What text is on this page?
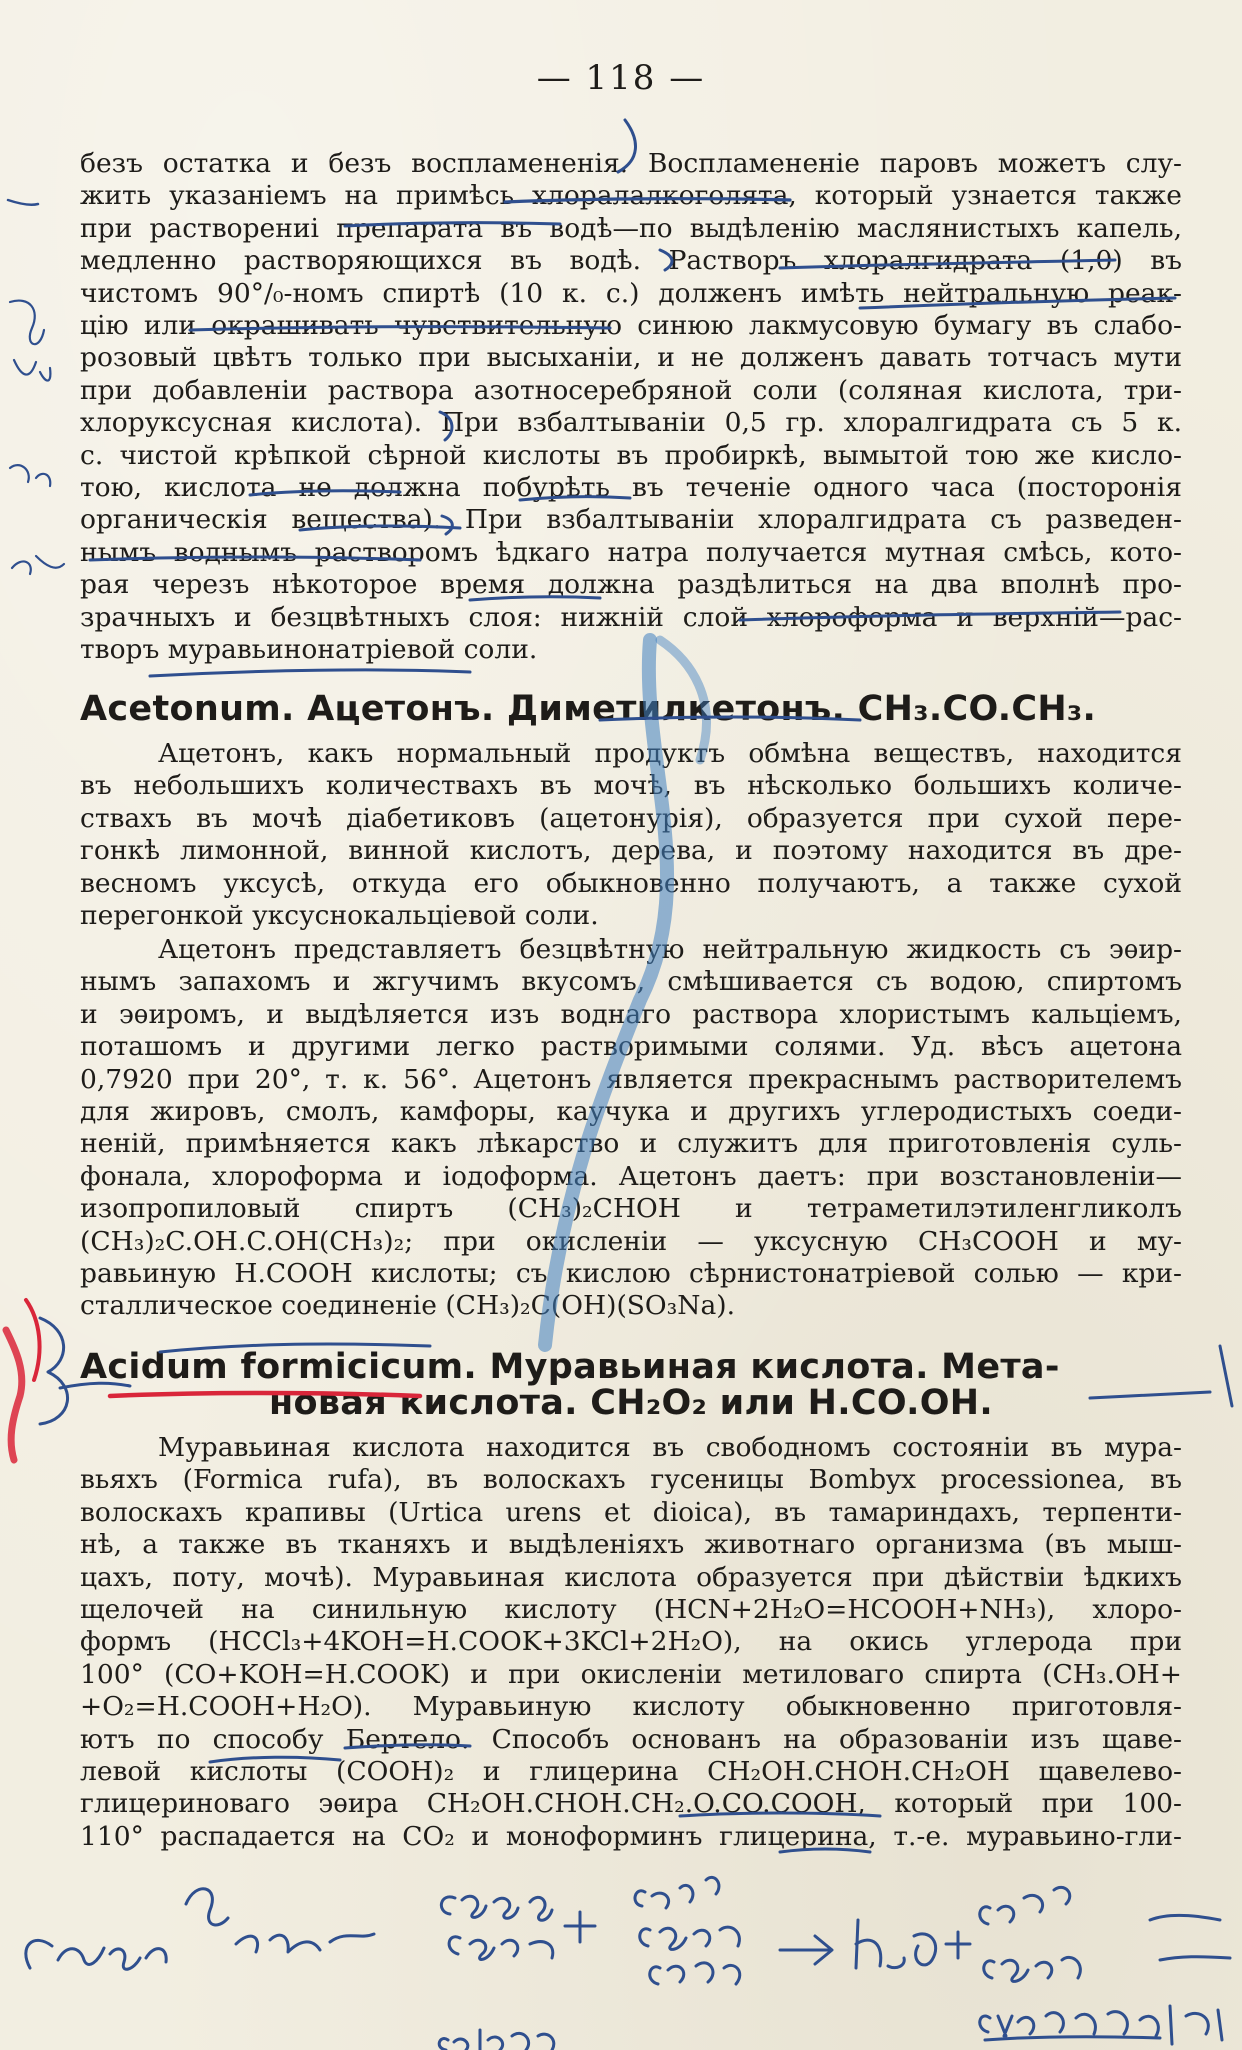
— 118 —
безъ остатка и безъ воспламененія. Воспламененіе паровъ можетъ слу-
жить указаніемъ на примѣсь хлоралалкоголята, который узнается также
при растворениі препарата въ водѣ—по выдѣленію маслянистыхъ капель,
медленно растворяющихся въ водѣ. Растворъ хлоралгидрата (1,0) въ
чистомъ 90°/₀-номъ спиртѣ (10 к. с.) долженъ имѣть нейтральную реак-
цію или окрашивать чувствительную синюю лакмусовую бумагу въ слабо-
розовый цвѣтъ только при высыханіи, и не долженъ давать тотчасъ мути
при добавленіи раствора азотносеребряной соли (соляная кислота, три-
хлоруксусная кислота). При взбалтываніи 0,5 гр. хлоралгидрата съ 5 к.
с. чистой крѣпкой сѣрной кислоты въ пробиркѣ, вымытой тою же кисло-
тою, кислота не должна побурѣть въ теченіе одного часа (посторонія
органическія вещества). При взбалтываніи хлоралгидрата съ разведен-
нымъ воднымъ растворомъ ѣдкаго натра получается мутная смѣсь, кото-
рая черезъ нѣкоторое время должна раздѣлиться на два вполнѣ про-
зрачныхъ и безцвѣтныхъ слоя: нижній слой хлороформа и верхній—рас-
творъ муравьинонатріевой соли.
Acetonum. Ацетонъ. Диметилкетонъ. CH₃.CO.CH₃.
Ацетонъ, какъ нормальный продуктъ обмѣна веществъ, находится
въ небольшихъ количествахъ въ мочѣ, въ нѣсколько большихъ количе-
ствахъ въ мочѣ діабетиковъ (ацетонурія), образуется при сухой пере-
гонкѣ лимонной, винной кислотъ, дерева, и поэтому находится въ дре-
весномъ уксусѣ, откуда его обыкновенно получаютъ, а также сухой
перегонкой уксуснокальціевой соли.
Ацетонъ представляетъ безцвѣтную нейтральную жидкость съ эѳир-
нымъ запахомъ и жгучимъ вкусомъ, смѣшивается съ водою, спиртомъ
и эѳиромъ, и выдѣляется изъ воднаго раствора хлористымъ кальціемъ,
поташомъ и другими легко растворимыми солями. Уд. вѣсъ ацетона
0,7920 при 20°, т. к. 56°. Ацетонъ является прекраснымъ растворителемъ
для жировъ, смолъ, камфоры, каучука и другихъ углеродистыхъ соеди-
неній, примѣняется какъ лѣкарство и служитъ для приготовленія суль-
фонала, хлороформа и іодоформа. Ацетонъ даетъ: при возстановленіи—
изопропиловый спиртъ (CH₃)₂CHOH и тетраметилэтиленгликолъ
(CH₃)₂C.OH.C.OH(CH₃)₂; при окисленіи — уксусную CH₃COOH и му-
равьиную H.COOH кислоты; съ кислою сѣрнистонатріевой солью — кри-
сталлическое соединеніе (CH₃)₂C(OH)(SO₃Na).
Acidum formicicum. Муравьиная кислота. Мета-
новая кислота. CH₂O₂ или H.CO.OH.
Муравьиная кислота находится въ свободномъ состояніи въ мура-
вьяхъ (Formica rufa), въ волоскахъ гусеницы Bombyx processionea, въ
волоскахъ крапивы (Urtica urens et dioica), въ тамариндахъ, терпенти-
нѣ, а также въ тканяхъ и выдѣленіяхъ животнаго организма (въ мыш-
цахъ, поту, мочѣ). Муравьиная кислота образуется при дѣйствіи ѣдкихъ
щелочей на синильную кислоту (HCN+2H₂O=HCOOH+NH₃), хлоро-
формъ (HCCl₃+4KOH=H.COOK+3KCl+2H₂O), на окись углерода при
100° (CO+KOH=H.COOK) и при окисленіи метиловаго спирта (CH₃.OH+
+O₂=H.COOH+H₂O). Муравьиную кислоту обыкновенно приготовля-
ютъ по способу Бертело. Способъ основанъ на образованіи изъ щаве-
левой кислоты (COOH)₂ и глицерина CH₂OH.CHOH.CH₂OH щавелево-
глицериноваго эѳира CH₂OH.CHOH.CH₂.O.CO.COOH, который при 100-
110° распадается на CO₂ и моноформинъ глицерина, т.-е. муравьино-гли-
